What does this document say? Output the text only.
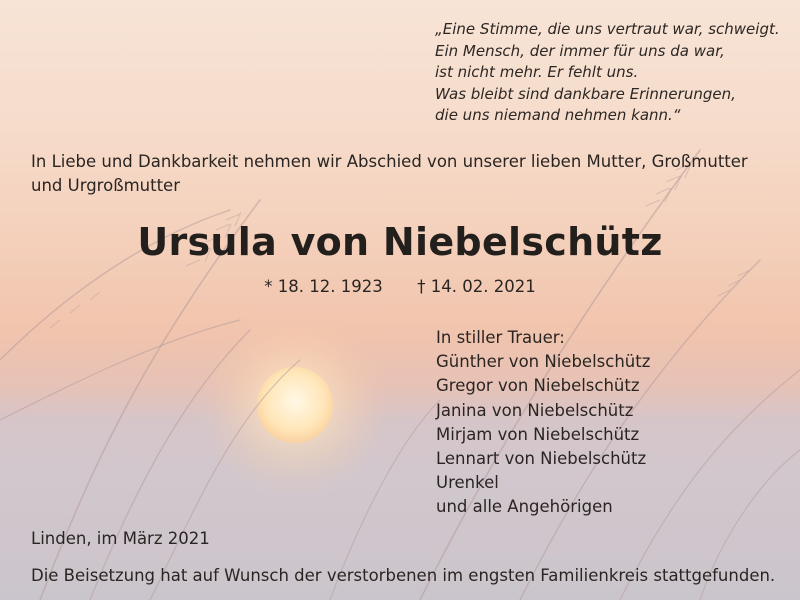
„Eine Stimme, die uns vertraut war, schweigt.
Ein Mensch, der immer für uns da war,
ist nicht mehr. Er fehlt uns.
Was bleibt sind dankbare Erinnerungen,
die uns niemand nehmen kann.“
In Liebe und Dankbarkeit nehmen wir Abschied von unserer lieben Mutter, Großmutter und Urgroßmutter
Ursula von Niebelschütz
* 18. 12. 1923 † 14. 02. 2021
In stiller Trauer:
Günther von Niebelschütz
Gregor von Niebelschütz
Janina von Niebelschütz
Mirjam von Niebelschütz
Lennart von Niebelschütz
Urenkel
und alle Angehörigen
Linden, im März 2021
Die Beisetzung hat auf Wunsch der verstorbenen im engsten Familienkreis stattgefunden.
